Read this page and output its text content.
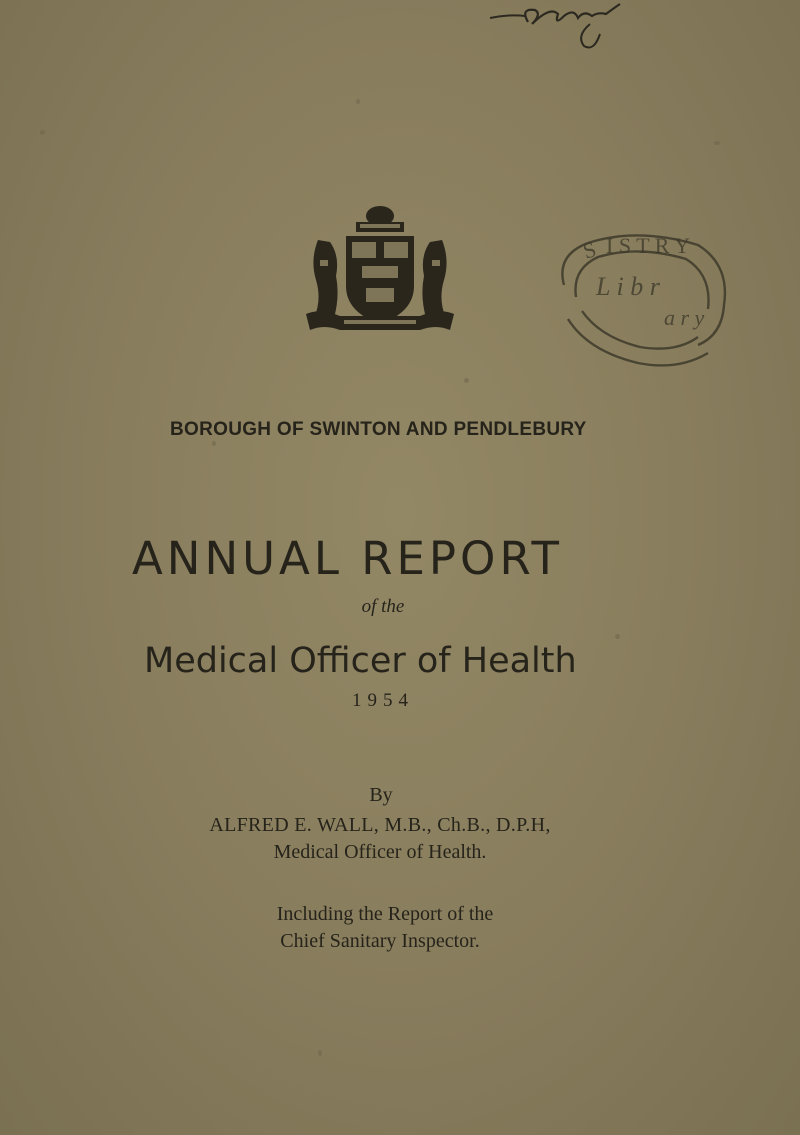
S I S T R Y
L i b r
a r y

BOROUGH OF SWINTON AND PENDLEBURY

ANNUAL REPORT

of the

Medical Officer of Health

1954

By

ALFRED E. WALL, M.B., Ch.B., D.P.H,

Medical Officer of Health.

Including the Report of the

Chief Sanitary Inspector.
